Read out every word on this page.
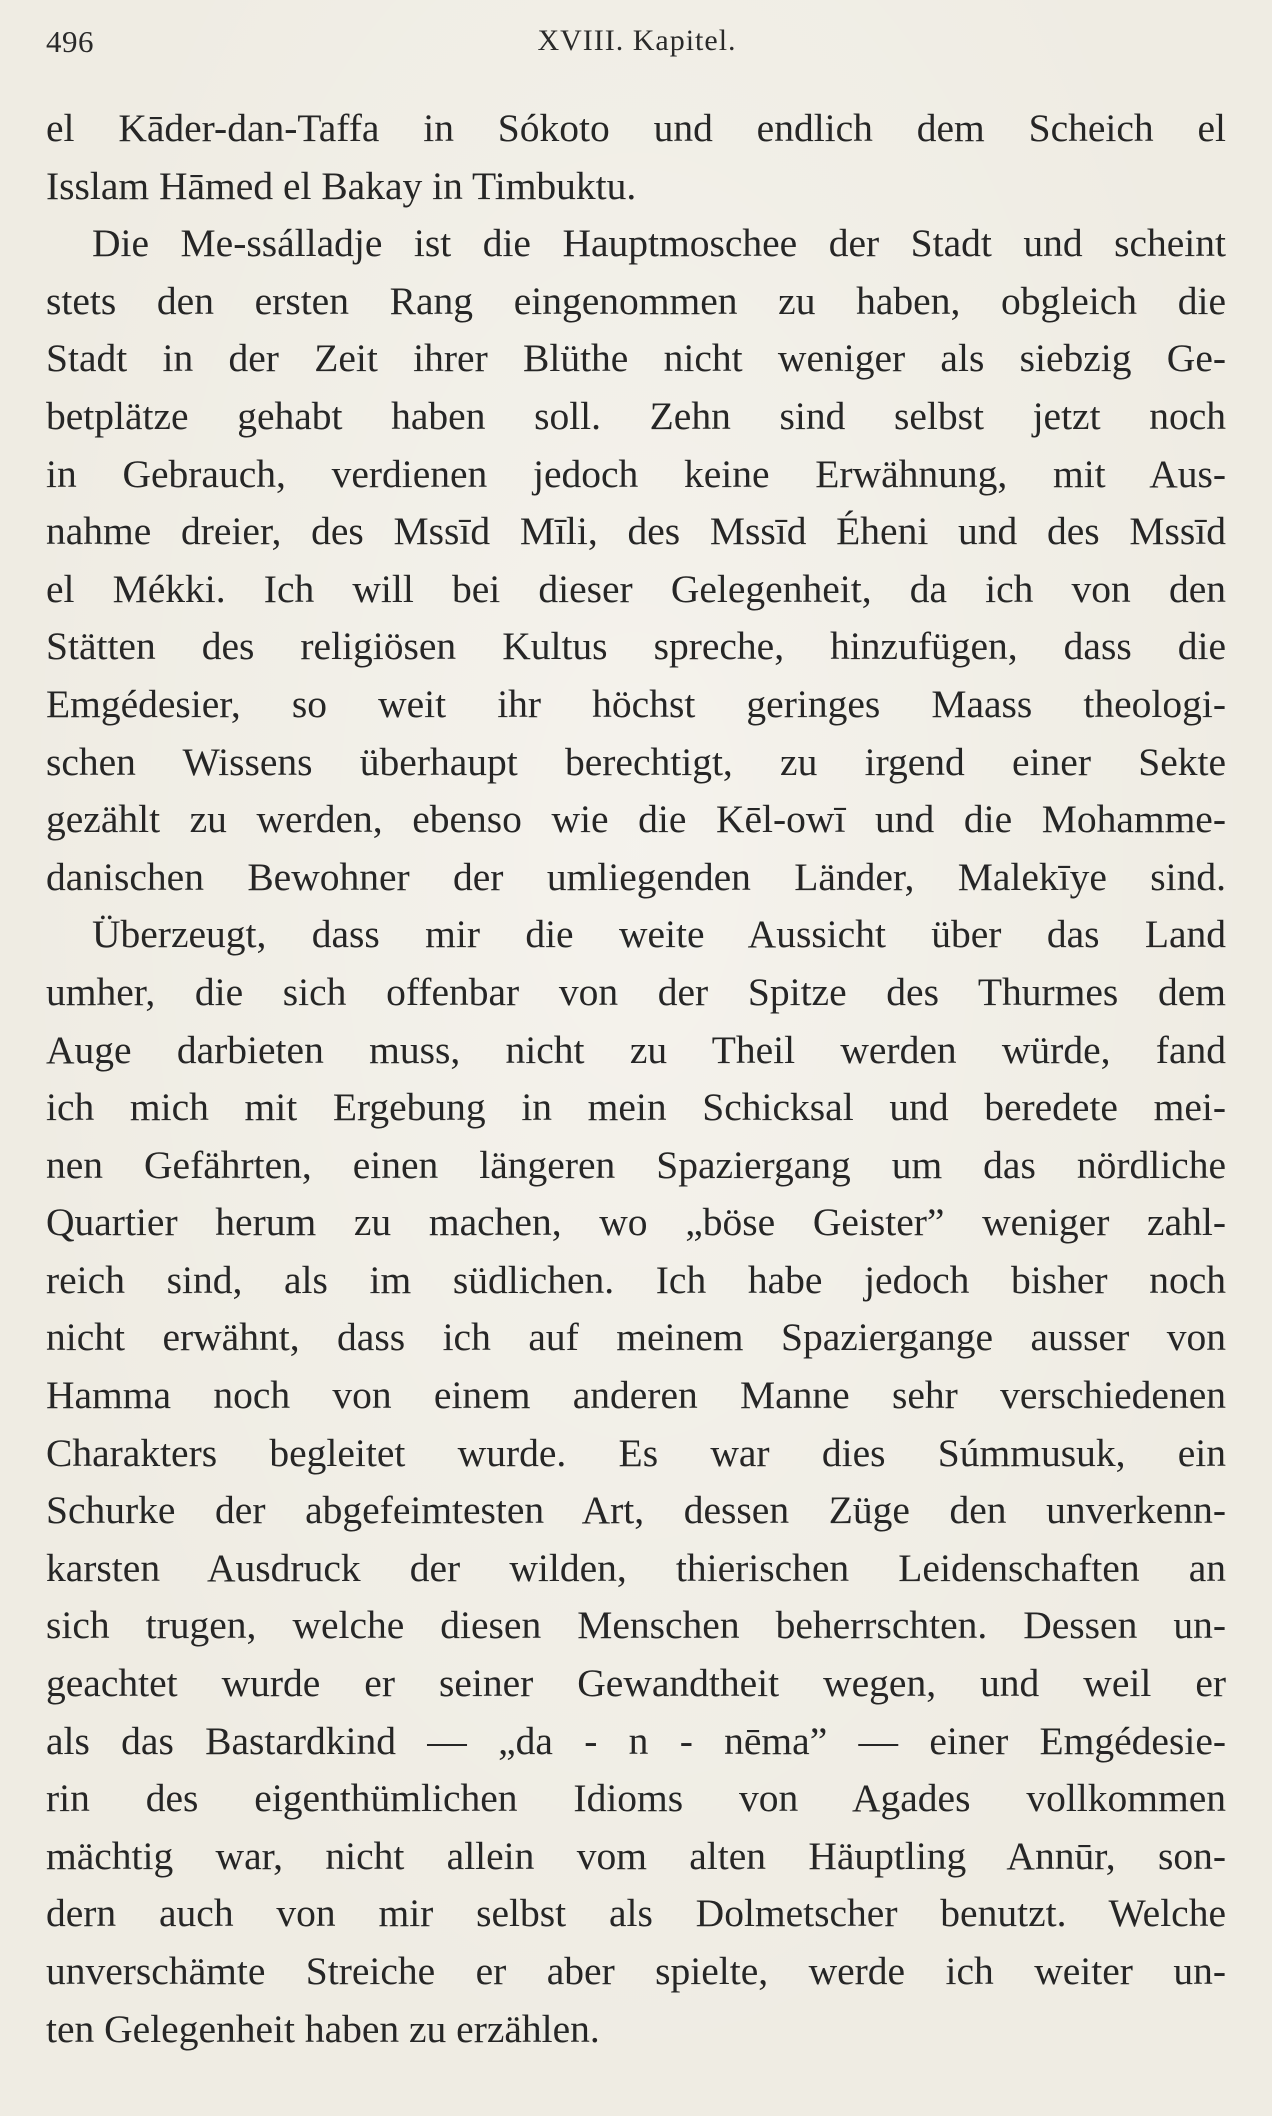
496	XVIII. Kapitel.
el Kāder-dan-Taffa in Sókoto und endlich dem Scheich el
Isslam Hāmed el Bakay in Timbuktu.
Die Me-ssálladje ist die Hauptmoschee der Stadt und scheint
stets den ersten Rang eingenommen zu haben, obgleich die
Stadt in der Zeit ihrer Blüthe nicht weniger als siebzig Ge-
betplätze gehabt haben soll. Zehn sind selbst jetzt noch
in Gebrauch, verdienen jedoch keine Erwähnung, mit Aus-
nahme dreier, des Mssīd Mīli, des Mssīd Éheni und des Mssīd
el Mékki. Ich will bei dieser Gelegenheit, da ich von den
Stätten des religiösen Kultus spreche, hinzufügen, dass die
Emgédesier, so weit ihr höchst geringes Maass theologi-
schen Wissens überhaupt berechtigt, zu irgend einer Sekte
gezählt zu werden, ebenso wie die Kēl-owī und die Mohamme-
danischen Bewohner der umliegenden Länder, Malekīye sind.
Überzeugt, dass mir die weite Aussicht über das Land
umher, die sich offenbar von der Spitze des Thurmes dem
Auge darbieten muss, nicht zu Theil werden würde, fand
ich mich mit Ergebung in mein Schicksal und beredete mei-
nen Gefährten, einen längeren Spaziergang um das nördliche
Quartier herum zu machen, wo „böse Geister” weniger zahl-
reich sind, als im südlichen. Ich habe jedoch bisher noch
nicht erwähnt, dass ich auf meinem Spaziergange ausser von
Hamma noch von einem anderen Manne sehr verschiedenen
Charakters begleitet wurde. Es war dies Súmmusuk, ein
Schurke der abgefeimtesten Art, dessen Züge den unverkenn-
karsten Ausdruck der wilden, thierischen Leidenschaften an
sich trugen, welche diesen Menschen beherrschten. Dessen un-
geachtet wurde er seiner Gewandtheit wegen, und weil er
als das Bastardkind — „da - n - nēma” — einer Emgédesie-
rin des eigenthümlichen Idioms von Agades vollkommen
mächtig war, nicht allein vom alten Häuptling Annūr, son-
dern auch von mir selbst als Dolmetscher benutzt. Welche
unverschämte Streiche er aber spielte, werde ich weiter un-
ten Gelegenheit haben zu erzählen.
